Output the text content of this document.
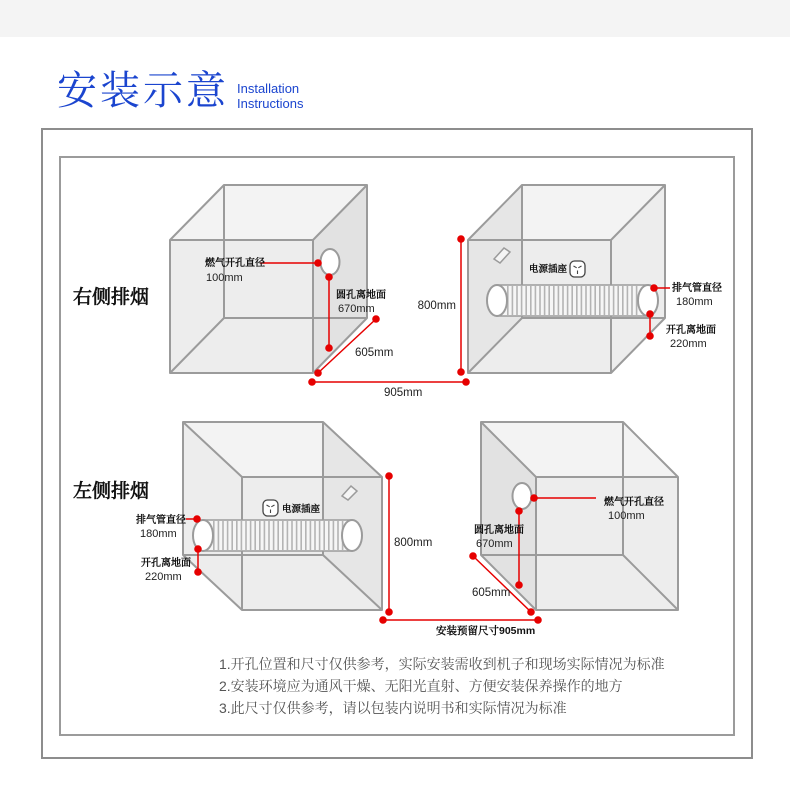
安装示意 Installation
Instructions
燃气开孔直径
100mm
圆孔离地面
670mm
605mm
905mm
800mm
电源插座
排气管直径
180mm
开孔离地面
220mm
电源插座
排气管直径
180mm
开孔离地面
220mm
800mm
燃气开孔直径
100mm
圆孔离地面
670mm
605mm
安装预留尺寸905mm
右侧排烟
左侧排烟
1.开孔位置和尺寸仅供参考，实际安装需收到机子和现场实际情况为标准
2.安装环境应为通风干燥、无阳光直射、方便安装保养操作的地方
3.此尺寸仅供参考，请以包装内说明书和实际情况为标准
